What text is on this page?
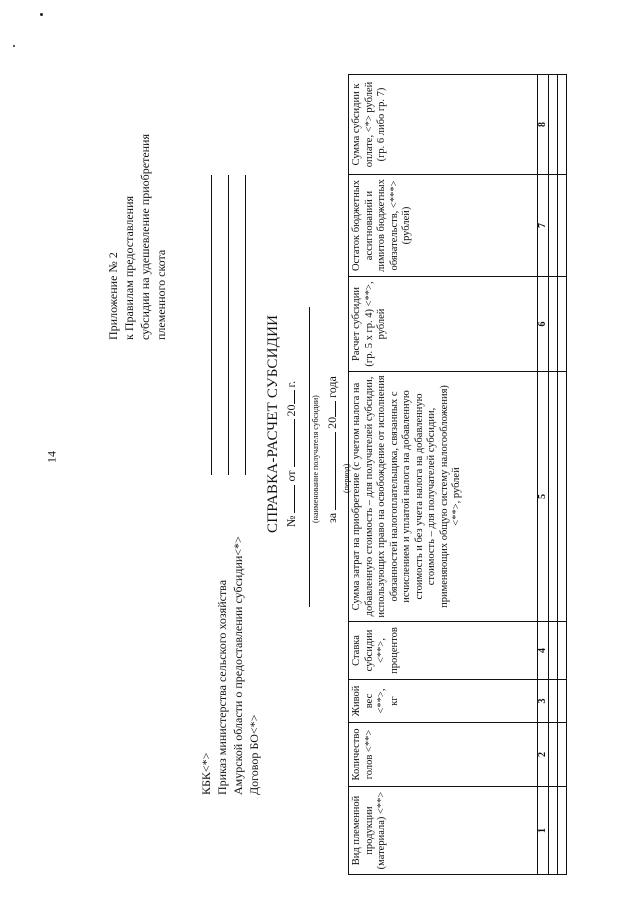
14
Приложение № 2 к Правилам предоставления субсидии на удешевление приобретения племенного скота
КБК<*> Приказ министерства сельского хозяйства Амурской области о предоставлении субсидии<*> Договор БО<*>
СПРАВКА-РАСЧЕТ СУБСИДИИ №  от  20 г.
(наименование получателя субсидии) за  20 года
(период)
Вид племенной продукции (материала) <**>	Количество голов <**>	Живой вес <**>, кг	Ставка субсидии <**>, процентов	Сумма затрат на приобретение (с учетом налога на добавленную стоимость – для получателей субсидии, использующих право на освобождение от исполнения обязанностей налогоплательщика, связанных с исчислением и уплатой налога на добавленную стоимость и без учета налога на добавленную стоимость – для получателей субсидии, применяющих общую систему налогообложения) <**>, рублей	Расчет субсидии (гр. 5 х гр. 4) <**>, рублей	Остаток бюджетных ассигнований и лимитов бюджетных обязательств, <***> (рублей)	Сумма субсидии к оплате, <*> рублей (гр. 6 либо гр. 7)
1	2	3	4	5	6	7	8
